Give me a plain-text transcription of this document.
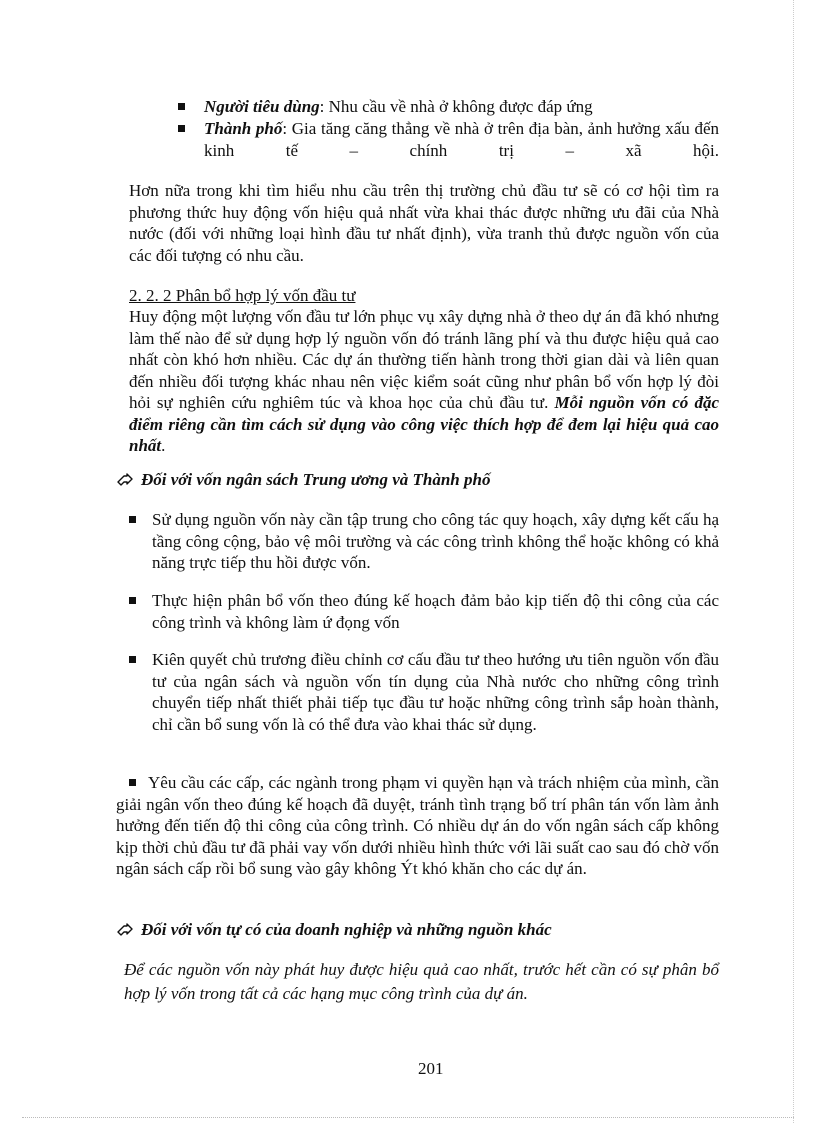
Người tiêu dùng: Nhu cầu về nhà ở không được đáp ứng
Thành phố: Gia tăng căng thẳng về nhà ở trên địa bàn, ảnh hưởng xấu đến kinh tế – chính trị – xã hội.
Hơn nữa trong khi tìm hiểu nhu cầu trên thị trường chủ đầu tư sẽ có cơ hội tìm ra phương thức huy động vốn hiệu quả nhất vừa khai thác được những ưu đãi của Nhà nước (đối với những loại hình đầu tư nhất định), vừa tranh thủ được nguồn vốn của các đối tượng có nhu cầu.
2. 2. 2 Phân bổ hợp lý vốn đầu tư
Huy động một lượng vốn đầu tư lớn phục vụ xây dựng nhà ở theo dự án đã khó nhưng làm thế nào để sử dụng hợp lý nguồn vốn đó tránh lãng phí và thu được hiệu quả cao nhất còn khó hơn nhiều. Các dự án thường tiến hành trong thời gian dài và liên quan đến nhiều đối tượng khác nhau nên việc kiểm soát cũng như phân bổ vốn hợp lý đòi hỏi sự nghiên cứu nghiêm túc và khoa học của chủ đầu tư. Mỗi nguồn vốn có đặc điểm riêng cần tìm cách sử dụng vào công việc thích hợp để đem lại hiệu quả cao nhất.
Đối với vốn ngân sách Trung ương và Thành phố
Sử dụng nguồn vốn này cần tập trung cho công tác quy hoạch, xây dựng kết cấu hạ tầng công cộng, bảo vệ môi trường và các công trình không thể hoặc không có khả năng trực tiếp thu hồi được vốn.
Thực hiện phân bổ vốn theo đúng kế hoạch đảm bảo kịp tiến độ thi công của các công trình và không làm ứ đọng vốn
Kiên quyết chủ trương điều chỉnh cơ cấu đầu tư theo hướng ưu tiên nguồn vốn đầu tư của ngân sách và nguồn vốn tín dụng của Nhà nước cho những công trình chuyển tiếp nhất thiết phải tiếp tục đầu tư hoặc những công trình sắp hoàn thành, chỉ cần bổ sung vốn là có thể đưa vào khai thác sử dụng.
Yêu cầu các cấp, các ngành trong phạm vi quyền hạn và trách nhiệm của mình, cần giải ngân vốn theo đúng kế hoạch đã duyệt, tránh tình trạng bố trí phân tán vốn làm ảnh hưởng đến tiến độ thi công của công trình. Có nhiều dự án do vốn ngân sách cấp không kịp thời chủ đầu tư đã phải vay vốn dưới nhiều hình thức với lãi suất cao sau đó chờ vốn ngân sách cấp rồi bổ sung vào gây không Ýt khó khăn cho các dự án.
Đối với vốn tự có của doanh nghiệp và những nguồn khác
Để các nguồn vốn này phát huy được hiệu quả cao nhất, trước hết cần có sự phân bổ hợp lý vốn trong tất cả các hạng mục công trình của dự án.
201
